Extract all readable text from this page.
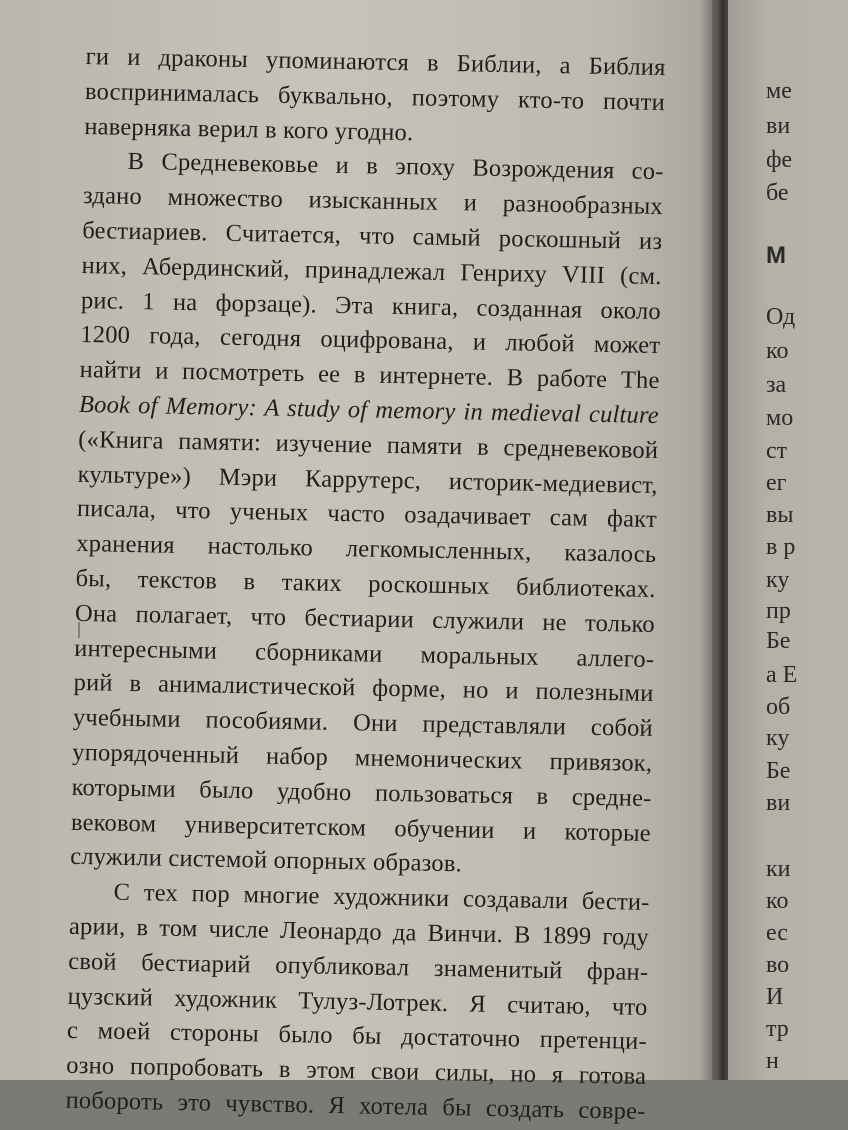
ги и драконы упоминаются в Библии, а Библия
воспринималась буквально, поэтому кто-то почти
наверняка верил в кого угодно.
В Средневековье и в эпоху Возрождения со-
здано множество изысканных и разнообразных
бестиариев. Считается, что самый роскошный из
них, Абердинский, принадлежал Генриху VIII (см.
рис. 1 на форзаце). Эта книга, созданная около
1200 года, сегодня оцифрована, и любой может
найти и посмотреть ее в интернете. В работе The
Book of Memory: A study of memory in medieval culture
(«Книга памяти: изучение памяти в средневековой
культуре») Мэри Каррутерс, историк-медиевист,
писала, что ученых часто озадачивает сам факт
хранения настолько легкомысленных, казалось
бы, текстов в таких роскошных библиотеках.
Она полагает, что бестиарии служили не только
интересными сборниками моральных аллего-
рий в анималистической форме, но и полезными
учебными пособиями. Они представляли собой
упорядоченный набор мнемонических привязок,
которыми было удобно пользоваться в средне-
вековом университетском обучении и которые
служили системой опорных образов.
С тех пор многие художники создавали бести-
арии, в том числе Леонардо да Винчи. В 1899 году
свой бестиарий опубликовал знаменитый фран-
цузский художник Тулуз-Лотрек. Я считаю, что
с моей стороны было бы достаточно претенци-
озно попробовать в этом свои силы, но я готова
побороть это чувство. Я хотела бы создать совре-
ме
ви
фе
бе
М
Од
ко
за
мо
ст
ег
вы
в р
ку
пр
Бе
а Е
об
ку
Бе
ви
ки
ко
ес
во
И
тр
н
